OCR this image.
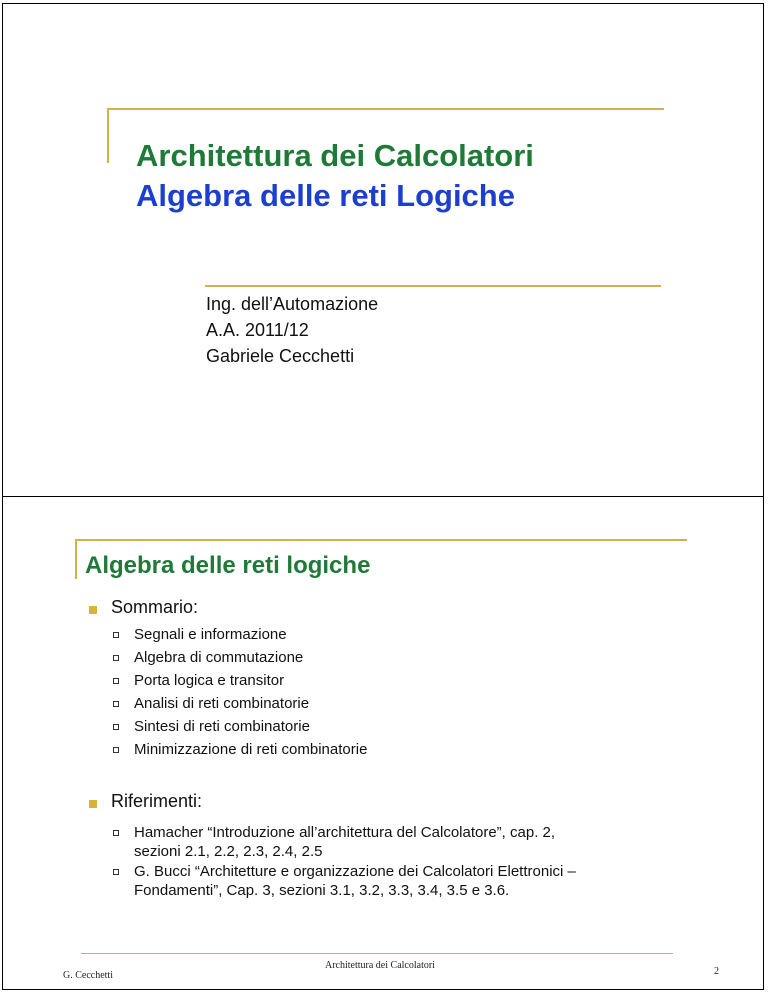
Architettura dei Calcolatori
Algebra delle reti Logiche
Ing. dell’Automazione
A.A. 2011/12
Gabriele Cecchetti
Algebra delle reti logiche
Sommario:
Segnali e informazione
Algebra di commutazione
Porta logica e transitor
Analisi di reti combinatorie
Sintesi di reti combinatorie
Minimizzazione di reti combinatorie
Riferimenti:
Hamacher “Introduzione all’architettura del Calcolatore”, cap. 2,
sezioni 2.1, 2.2, 2.3, 2.4, 2.5
G. Bucci “Architetture e organizzazione dei Calcolatori Elettronici –
Fondamenti”, Cap. 3, sezioni 3.1, 3.2, 3.3, 3.4, 3.5 e 3.6.
G. Cecchetti
Architettura dei Calcolatori
2
